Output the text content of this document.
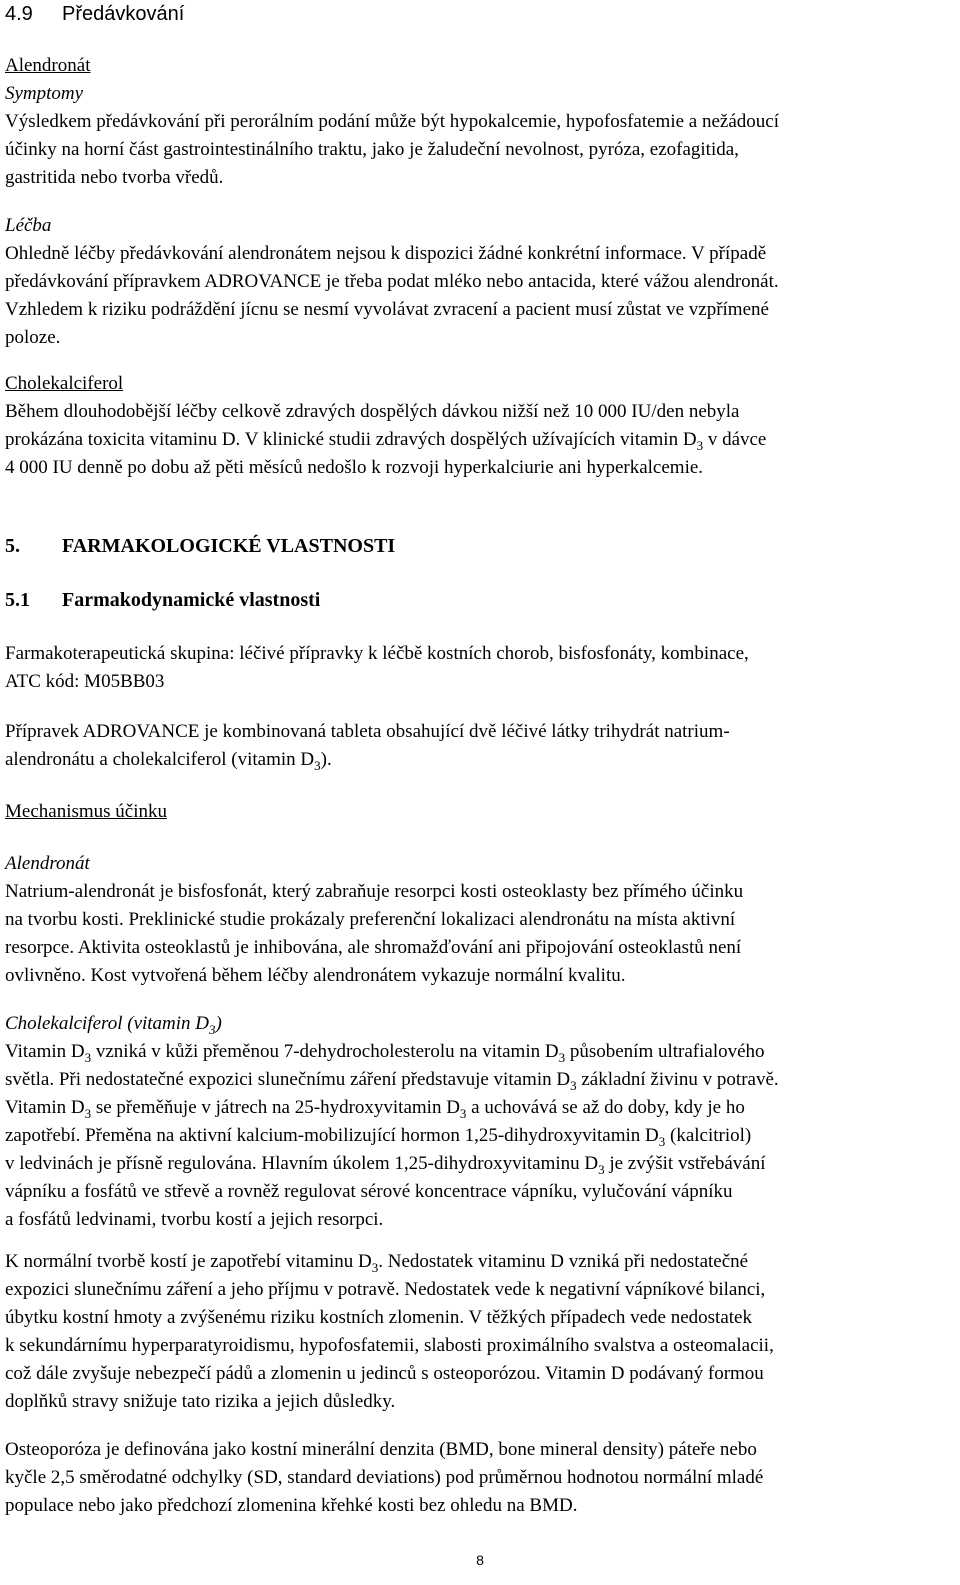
4.9 Předávkování
Alendronát
Symptomy
Výsledkem předávkování při perorálním podání může být hypokalcemie, hypofosfatemie a nežádoucí
účinky na horní část gastrointestinálního traktu, jako je žaludeční nevolnost, pyróza, ezofagitida,
gastritida nebo tvorba vředů.
Léčba
Ohledně léčby předávkování alendronátem nejsou k dispozici žádné konkrétní informace. V případě
předávkování přípravkem ADROVANCE je třeba podat mléko nebo antacida, které vážou alendronát.
Vzhledem k riziku podráždění jícnu se nesmí vyvolávat zvracení a pacient musí zůstat ve vzpřímené
poloze.
Cholekalciferol
Během dlouhodobější léčby celkově zdravých dospělých dávkou nižší než 10 000 IU/den nebyla
prokázána toxicita vitaminu D. V klinické studii zdravých dospělých užívajících vitamin $D_3$ v dávce
4 000 IU denně po dobu až pěti měsíců nedošlo k rozvoji hyperkalciurie ani hyperkalcemie.
5. FARMAKOLOGICKÉ VLASTNOSTI
5.1 Farmakodynamické vlastnosti
Farmakoterapeutická skupina: léčivé přípravky k léčbě kostních chorob, bisfosfonáty, kombinace,
ATC kód: M05BB03
Přípravek ADROVANCE je kombinovaná tableta obsahující dvě léčivé látky trihydrát natrium-
alendronátu a cholekalciferol (vitamin $D_3$).
Mechanismus účinku
Alendronát
Natrium-alendronát je bisfosfonát, který zabraňuje resorpci kosti osteoklasty bez přímého účinku
na tvorbu kosti. Preklinické studie prokázaly preferenční lokalizaci alendronátu na místa aktivní
resorpce. Aktivita osteoklastů je inhibována, ale shromažďování ani připojování osteoklastů není
ovlivněno. Kost vytvořená během léčby alendronátem vykazuje normální kvalitu.
Cholekalciferol (vitamin $D_3$)
Vitamin $D_3$ vzniká v kůži přeměnou 7-dehydrocholesterolu na vitamin $D_3$ působením ultrafialového
světla. Při nedostatečné expozici slunečnímu záření představuje vitamin $D_3$ základní živinu v potravě.
Vitamin $D_3$ se přeměňuje v játrech na 25-hydroxyvitamin $D_3$ a uchovává se až do doby, kdy je ho
zapotřebí. Přeměna na aktivní kalcium-mobilizující hormon 1,25-dihydroxyvitamin $D_3$ (kalcitriol)
v ledvinách je přísně regulována. Hlavním úkolem 1,25-dihydroxyvitaminu $D_3$ je zvýšit vstřebávání
vápníku a fosfátů ve střevě a rovněž regulovat sérové koncentrace vápníku, vylučování vápníku
a fosfátů ledvinami, tvorbu kostí a jejich resorpci.
K normální tvorbě kostí je zapotřebí vitaminu $D_3$. Nedostatek vitaminu D vzniká při nedostatečné
expozici slunečnímu záření a jeho příjmu v potravě. Nedostatek vede k negativní vápníkové bilanci,
úbytku kostní hmoty a zvýšenému riziku kostních zlomenin. V těžkých případech vede nedostatek
k sekundárnímu hyperparatyroidismu, hypofosfatemii, slabosti proximálního svalstva a osteomalacii,
což dále zvyšuje nebezpečí pádů a zlomenin u jedinců s osteoporózou. Vitamin D podávaný formou
doplňků stravy snižuje tato rizika a jejich důsledky.
Osteoporóza je definována jako kostní minerální denzita (BMD, bone mineral density) páteře nebo
kyčle 2,5 směrodatné odchylky (SD, standard deviations) pod průměrnou hodnotou normální mladé
populace nebo jako předchozí zlomenina křehké kosti bez ohledu na BMD.
8
